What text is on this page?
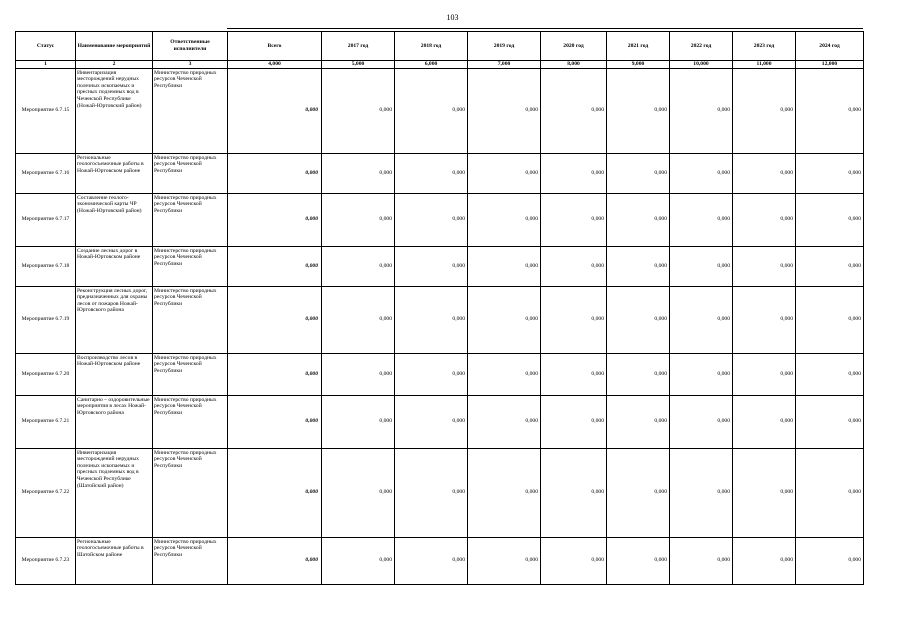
103
Статус	Наименование мероприятий	Ответственные исполнители	Всего	2017 год	2018 год	2019 год	2020 год	2021 год	2022 год	2023 год	2024 год
1	2	3	4,000	5,000	6,000	7,000	8,000	9,000	10,000	11,000	12,000
Мероприятие 6.7.15	Инвентаризация месторождений нерудных полезных ископаемых и пресных подземных вод в Чеченской Республике (Ножай-Юртовский район)	Министерство природных ресурсов Чеченской Республики	0,000	0,000	0,000	0,000	0,000	0,000	0,000	0,000	0,000
Мероприятие 6.7.16	Региональные геологосъемочные работы в Ножай-Юртовском районе	Министерство природных ресурсов Чеченской Республики	0,000	0,000	0,000	0,000	0,000	0,000	0,000	0,000	0,000
Мероприятие 6.7.17	Составление геолого-экономической карты ЧР (Ножай-Юртовский район)	Министерство природных ресурсов Чеченской Республики	0,000	0,000	0,000	0,000	0,000	0,000	0,000	0,000	0,000
Мероприятие 6.7.18	Создание лесных дорог в Ножай-Юртовском районе	Министерство природных ресурсов Чеченской Республики	0,000	0,000	0,000	0,000	0,000	0,000	0,000	0,000	0,000
Мероприятие 6.7.19	Реконструкция лесных дорог, предназначенных для охраны лесов от пожаров Ножай-Юртовского района	Министерство природных ресурсов Чеченской Республики	0,000	0,000	0,000	0,000	0,000	0,000	0,000	0,000	0,000
Мероприятие 6.7.20	Воспроизводство лесов в Ножай-Юртовском районе	Министерство природных ресурсов Чеченской Республики	0,000	0,000	0,000	0,000	0,000	0,000	0,000	0,000	0,000
Мероприятие 6.7.21	Санитарно – оздоровительные мероприятия в лесах Ножай-Юртовского района	Министерство природных ресурсов Чеченской Республики	0,000	0,000	0,000	0,000	0,000	0,000	0,000	0,000	0,000
Мероприятие 6.7.22	Инвентаризация месторождений нерудных полезных ископаемых и пресных подземных вод в Чеченской Республике (Шатойский район)	Министерство природных ресурсов Чеченской Республики	0,000	0,000	0,000	0,000	0,000	0,000	0,000	0,000	0,000
Мероприятие 6.7.23	Региональные геологосъемочные работы в Шатойском районе	Министерство природных ресурсов Чеченской Республики	0,000	0,000	0,000	0,000	0,000	0,000	0,000	0,000	0,000
